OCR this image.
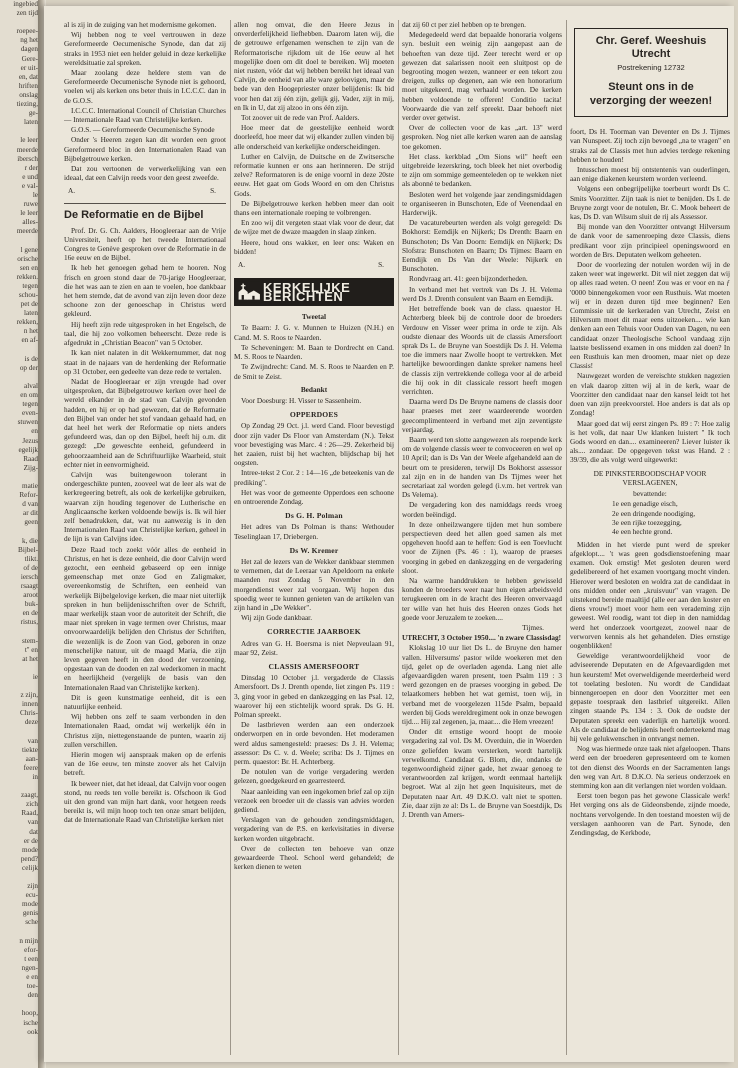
ingebied
zen tijd

roepee-
ng het
dagen
Gere-
er uit-
en, dat
hriften
onslag
tiezing,
ge-
laten

le leer
meerde
ibersch
r der
e und
e val-
le
ruwe
le leer
alles-
meerde

l gene
orische
sen en
rekken.
tegen
schou-
pet de
laten
rekken,
n het
en af-

is de
op der

alval
en om
tegen
even-
stuwen
en
Jezus
egelijk
Raad
Zijg-

matie
Refor-
d van
ar dit
geen

k, die
Bijbel-
tlikt.
of de
iersch
rsaagt
aroot
buk-
en de
ristus,

stem-
t'' en
at het

ie

z zijn,
innen
Chris-
deze

van
tiekte
aan-
feere
in

zaagt,
zich
Raad,
van
dat
er de
mode
pend?
celijk

zijn
ecu-
mode
genis
sche

n mijn
efor-
t een
ngen-
e en
toe-
den

hoop,
ische
ook

al is zij in de zuiging van het modernisme gekomen.

Wij hebben nog te veel vertrouwen in deze Gereformeerde Oecumenische Synode, dan dat zij straks in 1953 niet een helder geluid in deze kerkelijke wereldsituatie zal spreken.

Maar zoolang deze heldere stem van de Gereformeerde Oecumenische Synode niet is gehoord, voelen wij als kerken ons beter thuis in I.C.C.C. dan in de G.O.S.

I.C.C.C. International Council of Christian Churches — Internationale Raad van Christelijke kerken.

G.O.S. — Gereformeerde Oecumenische Synode

Onder 's Heeren zegen kan dit worden een groot Gereformeerd bloc in den Internationalen Raad van Bijbelgetrouwe kerken.

Dat zou vertoonen de verwerkelijking van een ideaal, dat een Calvijn reeds voor den geest zweefde.

A.	S.
De Reformatie en de Bijbel

Prof. Dr. G. Ch. Aalders, Hoogleeraar aan de Vrije Universiteit, heeft op het tweede Internationaal Congres te Genève gesproken over de Reformatie in de 16e eeuw en de Bijbel.

Ik heb het genoegen gehad hem te hooren. Nog frisch en groen stond daar de 70-jarige Hoogleeraar, die het was aan te zien en aan te voelen, hoe dankbaar het hem stemde, dat de avond van zijn leven door deze schoone zon der genoeschap in Christus werd gekleurd.

Hij heeft zijn rede uitgesproken in het Engelsch, de taal, die hij zoo volkomen beheerscht. Deze rede is afgedrukt in „Christian Beacon" van 5 October.

Ik kan niet nalaten in dit Wekkernummer, dat nog staat in de najaars van de herdenking der Reformatie op 31 October, een gedeelte van deze rede te vertalen.

Nadat de Hoogleeraar er zijn vreugde had over uitgesproken, dat Bijbelgetrouwe kerken over heel de wereld elkander in de stad van Calvijn gevonden hadden, en hij er op had gewezen, dat de Reformatie den Bijbel van onder het stof vandaan gehaald had, en dat heel het werk der Reformatie op niets anders gefundeerd was, dan op den Bijbel, heeft hij o.m. dit gezegd: „De geweschte eenheid, gefundeerd in gehoorzaamheid aan de Schriftuurlijke Waarheid, stuit echter niet in eenvormigheid.

Calvijn was buitengewoon tolerant in ondergeschikte punten, zooveel wat de leer als wat de kerkregeering betreft, als ook de kerkelijke gebruiken, waarvan zijn houding tegenover de Lutherische en Anglicaansche kerken voldoende bewijs is. Ik wil hier zelf benadrukken, dat, wat nu aanwezig is in den Internationalen Raad van Christelijke kerken, geheel in de lijn is van Calvijns idee.

Deze Raad toch zoekt vóór alles de eenheid in Christus, en het is deze eenheid, die door Calvijn werd gezocht, een eenheid gebaseerd op een innige gemeenschap met onze God en Zaligmaker, overeenkomstig de Schriften, een eenheid van werkelijk Bijbelgelovige kerken, die maar niet uiterlijk spreken in hun belijdenisschriften over de Schrift, maar werkelijk staan voor de autoriteit der Schrift, die maar niet spreken in vage termen over Christus, maar onvoorwaardelijk belijden den Christus der Schriften, die wezenlijk is de Zoon van God, geboren in onze menschelijke natuur, uit de maagd Maria, die zijn leven gegeven heeft in den dood der verzoening, opgestaan van de dooden en zal wederkomen in macht en heerlijkheid (vergelijk de basis van den Internationalen Raad van Christelijke kerken).

Dit is geen kunstmatige eenheid, dit is een natuurlijke eenheid.

Wij hebben ons zelf te saam verbonden in den Internationalen Raad, omdat wij werkelijk één in Christus zijn, niettegenstaande de punten, waarin zij zullen verschillen.

Hierin mogen wij aanspraak maken op de erfenis van de 16e eeuw, ten minste zoover als het Calvijn betreft.

Ik beweer niet, dat het ideaal, dat Calvijn voor oogen stond, nu reeds ten volle bereikt is. Ofschoon ik God uit den grond van mijn hart dank, voor hetgeen reeds bereikt is, wil mijn hoop toch ten onze smart belijden, dat de Internationale Raad van Christelijke kerken niet

allen nog omvat, die den Heere Jezus in onverderfelijkheid liefhebben. Daarom laten wij, die de getrouwe erfgenamen wenschen te zijn van de Reformatorische rijkdom uit de 16e eeuw al het mogelijke doen om dit doel te bereiken. Wij moeten niet rusten, vóór dat wij hebben bereikt het ideaal van Calvijn, de eenheid van alle ware geloovigen, maar de bede van den Hoogepriester onzer belijdenis: Ik bid voor hen dat zij één zijn, gelijk gij, Vader, zijt in mij, en Ik in U, dat zij alzoo in ons één zijn.

Tot zoover uit de rede van Prof. Aalders.

Hoe meer dat de geestelijke eenheid wordt doorleefd, hoe meer dat wij elkander zullen vinden bij alle onderscheid van kerkelijke onderscheidingen.

Luther en Calvijn, de Duitsche en de Zwitsersche reformatie kunnen er ons aan herinneren. De strijd zelve? Reformatoren is de enige voornl in deze 20ste eeuw. Het gaat om Gods Woord en om den Christus Gods.

De Bijbelgetrouwe kerken hebben meer dan ooit thans een internationale roeping te volbrengen.

En zoo wij dit vergeten staat vlak voor de deur, dat de wijze met de dwaze maagden in slaap zinken.

Heere, houd ons wakker, en leer ons: Waken en bidden!

A.	S.
KERKELIJKE BERICHTEN
Tweetal

Te Baarn: J. G. v. Munnen te Huizen (N.H.) en Cand. M. S. Roos te Naarden.

Te Scheveningen: M. Baan te Dordrecht en Cand. M. S. Roos te Naarden.

Te Zwijndrecht: Cand. M. S. Roos te Naarden en P. de Smit te Zeist.

Bedankt

Voor Doesburg: H. Visser te Sassenheim.

OPPERDOES

Op Zondag 29 Oct. j.l. werd Cand. Floor bevestigd door zijn vader Ds Floor van Amsterdam (N.). Tekst voor bevestiging was Marc. 4 : 26—29. Zekerheid bij het zaaien, ruist bij het wachten, blijdschap bij het oogsten.

Intree-tekst 2 Cor. 2 : 14—16 „de beteekenis van de prediking".

Het was voor de gemeente Opperdoes een schoone en ontroerende Zondag.

Ds G. H. Polman

Het adres van Ds Polman is thans: Wethouder Teselinglaan 17, Driebergen.

Ds W. Kremer

Het zal de lezers van de Wekker dankbaar stemmen te vernemen, dat de Leeraar van Apeldoorn na enkele maanden rust Zondag 5 November in den morgendienst weer zal voorgaan. Wij hopen dus spoedig weer te kunnen genieten van de artikelen van zijn hand in „De Wekker".

Wij zijn Gode dankbaar.

CORRECTIE JAARBOEK

Adres van G. H. Boersma is niet Nepveulaan 91, maar 92, Zeist.

CLASSIS AMERSFOORT

Dinsdag 10 October j.l. vergaderde de Classis Amersfoort. Ds J. Drenth opende, liet zingen Ps. 119 : 3, ging voor in gebed en dankzegging en las Psal. 12, waarover hij een stichtelijk woord sprak. Ds G. H. Polman spreekt.

De lastbrieven werden aan een onderzoek onderworpen en in orde bevonden. Het moderamen werd aldus samengesteld: praeses: Ds J. H. Velema; assessor: Ds C. v. d. Weele; scriba: Ds J. Tijmes en perm. quaestor: Br. H. Achterberg.

De notulen van de vorige vergadering werden gelezen, goedgekeurd en gearresteerd.

Naar aanleiding van een ingekomen brief zal op zijn verzoek een broeder uit de classis van advies worden gediend.

Verslagen van de gehouden zendingsmiddagen, vergadering van de P.S. en kerkvisitaties in diverse kerken worden uitgebracht.

Over de collecten ten behoeve van onze gewaardeerde Theol. School werd gehandeld; de kerken dienen te weten

dat zij 60 ct per ziel hebben op te brengen.

Medegedeeld werd dat bepaalde honoraria volgens syn. besluit een weinig zijn aangepast aan de behoeften van deze tijd. Zeer terecht werd er op gewezen dat salarissen nooit een sluitpost op de begrooting mogen wezen, wanneer er een tekort zou dreigen, zulks op degenen, aan wie een honorarium moet uitgekeerd, mag verhaald worden. De kerken hebben voldoende te offeren! Conditio tacita! Voorwaarde die van zelf spreekt. Daar behoeft niet verder over getwist.

Over de collecten voor de kas „art. 13" werd gesproken. Nog niet alle kerken waren aan de aanslag toe gekomen.

Het class. kerkblad „Om Sions wil" heeft een uitgebreide lezerskring, toch bleek het niet overbodig te zijn om sommige gemeenteleden op te wekken niet als abonné te bedanken.

Besloten werd het volgende jaar zendingsmiddagen te organiseeren in Bunschoten, Ede of Veenendaal en Harderwijk.

De vacaturebeurten werden als volgt geregeld: Ds Bokhorst: Eemdijk en Nijkerk; Ds Drenth: Baarn en Bunschoten; Ds Van Doorn: Eemdijk en Nijkerk; Ds Slofstra: Bunschoten en Baarn; Ds Tijmes: Baarn en Eemdijk en Ds Van der Weele: Nijkerk en Bunschoten.

Rondvraag art. 41: geen bijzonderheden.

In verband met het vertrek van Ds J. H. Velema werd Ds J. Drenth consulent van Baarn en Eemdijk.

Het betreffende boek van de class. quaestor H. Achterberg bleek bij de controle door de broeders Verdouw en Visser weer prima in orde te zijn. Als oudste dienaar des Woords uit de classis Amersfoort sprak Ds L. de Bruyne van Soestdijk Ds J. H. Velema toe die immers naar Zwolle hoopt te vertrekken. Met hartelijke bewoordingen dankte spreker namens heel de classis zijn vertrekkende collega voor al de arbeid die hij ook in dit classicale ressort heeft mogen verrichten.

Daarna werd Ds De Bruyne namens de classis door haar praeses met zeer waardeerende woorden geecomplimenteerd in verband met zijn zeventigste verjaardag.

Baarn werd ten slotte aangewezen als roepende kerk om de volgende classis weer te convoceeren en wel op 10 April; dan is Ds Van der Weele afgehandeld aan de beurt om te presideren, terwijl Ds Bokhorst assessor zal zijn en in de handen van Ds Tijmes weer het secretariaat zal worden gelegd (i.v.m. het vertrek van Ds Velema).

De vergadering kon des namiddags reeds vroeg worden beëindigd.

In deze onheilzwangere tijden met hun sombere perspectieven deed het allen goed samen als met opgeheven hoofd aan te heffen: God is een Toevlucht voor de Zijnen (Ps. 46 : 1), waarop de praeses voorging in gebed en dankzegging en de vergadering sloot.

Na warme handdrukken te hebben gewisseld konden de broeders weer naar hun eigen arbeidsveld terugkeeren om in de kracht des Heeren onvervaagd ter wille van het huis des Heeren onzes Gods het goede voor Jeruzalem te zoeken....

Tijmes.

UTRECHT, 3 October 1950.... 'n zware Classisdag!

Klokslag 10 uur liet Ds L. de Bruyne den hamer vallen. Hilversums' pastor wilde woekeren met den tijd, gelet op de overladen agenda. Lang niet alle afgevaardigden waren present, toen Psalm 119 : 3 werd gezongen en de praeses voorging in gebed. De telaatkomers hebben het wat gemist, toen wij, in verband met de voorgelezen 115de Psalm, bepaald werden bij Gods wereldregiment ook in onze bewogen tijd.... Hij zal zegenen, ja, maar.... die Hem vreezen!

Onder dit ernstige woord hoopt de mooie vergadering zal vol. Ds M. Overduin, die in Woerden onze geliefden kwam versterken, wordt hartelijk verwelkomd. Candidaat G. Blom, die, ondanks de tegenwoordigheid zijner gade, het zwaar genoeg te verantwoorden zal krijgen, wordt eenmaal hartelijk begroet. Wat al zijn het geen Inquisiteurs, met de Deputaten naar Art. 49 D.K.O. valt niet te spotten. Zie, daar zijn ze al: Ds L. de Bruyne van Soestdijk, Ds J. Drenth van Amers-

Chr. Geref. Weeshuis
Utrecht
Postrekening 12732
Steunt ons in de
verzorging der weezen!

foort, Ds H. Toorman van Deventer en Ds J. Tijmes van Nunspeet. Zij toch zijn bevoegd „na te vragen" en straks zal de Classis met hun advies terdege rekening hebben te houden!

Intusschen moest bij ontstentenis van ouderlingen, aan enige diakenen keurstem worden verleend.

Volgens een onbegrijpelijke toerbeurt wordt Ds C. Smits Voorzitter. Zijn taak is niet te benijden. Ds I. de Bruyne zorgt voor de notulen, Br. C. Mook beheert de kas, Ds D. van Wilsum sluit de rij als Assessor.

Bij monde van den Voorzitter ontvangt Hilversum de dank voor de samenroeping deze Classis, diens predikant voor zijn principieel openingswoord en worden de Brs. Deputaten welkom geheeten.

Door de voorlezing der notulen worden wij in de zaken weer wat ingewerkt. Dit wil niet zeggen dat wij op alles raad weten. O neen! Zou was er voor en na ƒ '0000 binnengekomen voor een Rusthuis. Wat moeten wij er in dezen duren tijd mee beginnen? Een Commissie uit de kerkeraden van Utrecht, Zeist en Hilversum moet dit maar eens uitzoeken.... wie kan denken aan een Tehuis voor Ouden van Dagen, nu een candidaat onzer Theologische School vandaag zijn laatste beslissend examen in ons midden zal doen? In een Rusthuis kan men droomen, maar niet op deze Classis!

Nauwgezet worden de vereischte stukken nagezien en vlak daarop zitten wij al in de kerk, waar de Voorzitter den candidaat naar den kansel leidt tot het doen van zijn preekvoorstel. Hoe anders is dat als op Zondag!

Maar goed dat wij eerst zingen Ps. 89 : 7: Hoe zalig is het volk, dat naar Uw klanken luistert " Ik toch Gods woord en dan.... examineeren? Liever luister ik als.... zondaar. De opgegeven tekst was Hand. 2 : 39/39, die als volgt werd uitgewerkt:

DE PINKSTERBOODSCHAP VOOR VERSLAGENEN,

bevattende:

1e een genadige eisch,
2e een dringende noodiging,
3e een rijke toezegging,
4e een hechte grond.

Midden in het vierde punt werd de spreker afgeklopt.... 't was geen godsdienstoefening maar examen. Ook ernstig! Met gesloten deuren werd gedelibereerd of het examen voortgang mocht vinden. Hierover werd besloten en woldra zat de candidaat in ons midden onder een „kruisvuur" van vragen. De uitstekend bereide maaltijd (alle eer aan den koster en diens vrouw!) moet voor hem een verademing zijn geweest. Wel roodig, want tot diep in den namiddag werd het onderzoek voortgezet, zoowel naar de verworven kennis als het gehandelen. Dies ernstige oogenblikken!

Geweldige verantwoordelijkheid voor de adviseerende Deputaten en de Afgevaardigden met hun keurstem! Met overweldigende meerderheid werd tot toelating besloten. Nu wordt de Candidaat binnengeroepen en door den Voorzitter met een gepaste toespraak den lastbrief uitgereikt. Allen zingen staande Ps. 134 : 3. Ook de oudste der Deputaten spreekt een vaderlijk en hartelijk woord. Als de candidaat de belijdenis heeft onderteekend mag hij vele gelukwenschen in ontvangst nemen.

Nog was hiermede onze taak niet afgeloopen. Thans werd een der broederen gepresenteerd om te komen tot den dienst des Woords en der Sacramenten langs den weg van Art. 8 D.K.O. Na serieus onderzoek en stemming kon aan dit verlangen niet worden voldaan.

Eerst toen begon pas het gewone Classicale werk! Het verging ons als de Gideonsbende, zijnde moede, nochtans vervolgende. In den toestand moesten wij de verslagen aanhooren van de Part. Synode, den Zendingsdag, de Kerkbode,
